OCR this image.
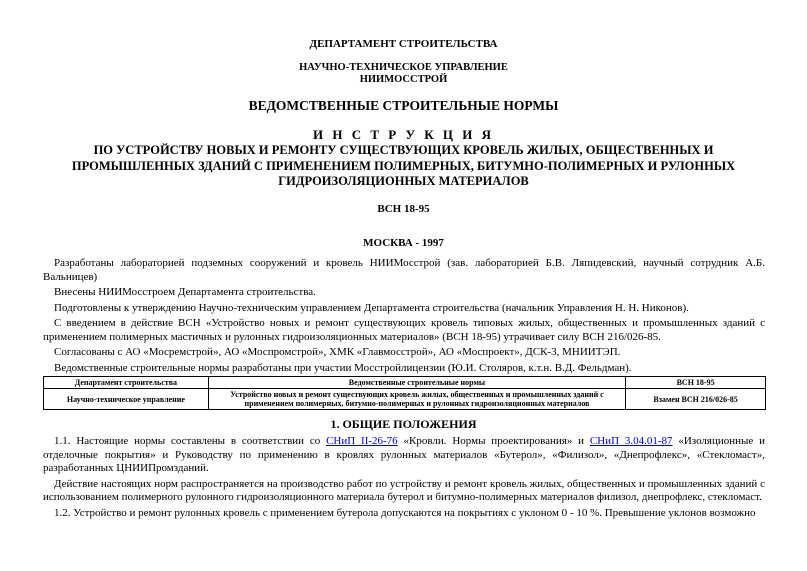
ДЕПАРТАМЕНТ СТРОИТЕЛЬСТВА

НАУЧНО-ТЕХНИЧЕСКОЕ УПРАВЛЕНИЕ
НИИМОССТРОЙ

ВЕДОМСТВЕННЫЕ СТРОИТЕЛЬНЫЕ НОРМЫ

И Н С Т Р У К Ц И Я

ПО УСТРОЙСТВУ НОВЫХ И РЕМОНТУ СУЩЕСТВУЮЩИХ КРОВЕЛЬ ЖИЛЫХ, ОБЩЕСТВЕННЫХ И ПРОМЫШЛЕННЫХ ЗДАНИЙ С ПРИМЕНЕНИЕМ ПОЛИМЕРНЫХ, БИТУМНО-ПОЛИМЕРНЫХ И РУЛОННЫХ ГИДРОИЗОЛЯЦИОННЫХ МАТЕРИАЛОВ

ВСН 18-95

МОСКВА - 1997

Разработаны лабораторией подземных сооружений и кровель НИИМосстрой (зав. лабораторией Б.В. Ляпидевский, научный сотрудник А.Б. Вальницев)

Внесены НИИМосстроем Департамента строительства.

Подготовлены к утверждению Научно-техническим управлением Департамента строительства (начальник Управления Н. Н. Никонов).

С введением в действие ВСН «Устройство новых и ремонт существующих кровель типовых жилых, общественных и промышленных зданий с применением полимерных мастичных и рулонных гидроизоляционных материалов» (ВСН 18-95) утрачивает силу ВСН 216/026-85.

Согласованы с АО «Мосремстрой», АО «Моспромстрой», ХМК «Главмосстрой», АО «Моспроект», ДСК-3, МНИИТЭП.

Ведомственные строительные нормы разработаны при участии Мосстройлицензии (Ю.И. Столяров, к.т.н. В.Д. Фельдман).

Департамент строительства	Ведомственные строительные нормы	ВСН 18-95
Научно-техническое управление	Устройство новых и ремонт существующих кровель жилых, общественных и промышленных зданий с применением полимерных, битумно-полимерных и рулонных гидроизоляционных материалов	Взамен ВСН 216/026-85

1. ОБЩИЕ ПОЛОЖЕНИЯ

1.1. Настоящие нормы составлены в соответствии со СНиП II-26-76 «Кровли. Нормы проектирования» и СНиП 3.04.01-87 «Изоляционные и отделочные покрытия» и Руководству по применению в кровлях рулонных материалов «Бутерол», «Филизол», «Днепрофлекс», «Стекломаст», разработанных ЦНИИПромзданий.

Действие настоящих норм распространяется на производство работ по устройству и ремонт кровель жилых, общественных и промышленных зданий с использованием полимерного рулонного гидроизоляционного материала бутерол и битумно-полимерных материалов филизол, днепрофлекс, стекломаст.

1.2. Устройство и ремонт рулонных кровель с применением бутерола допускаются на покрытиях с уклоном 0 - 10 %. Превышение уклонов возможно
